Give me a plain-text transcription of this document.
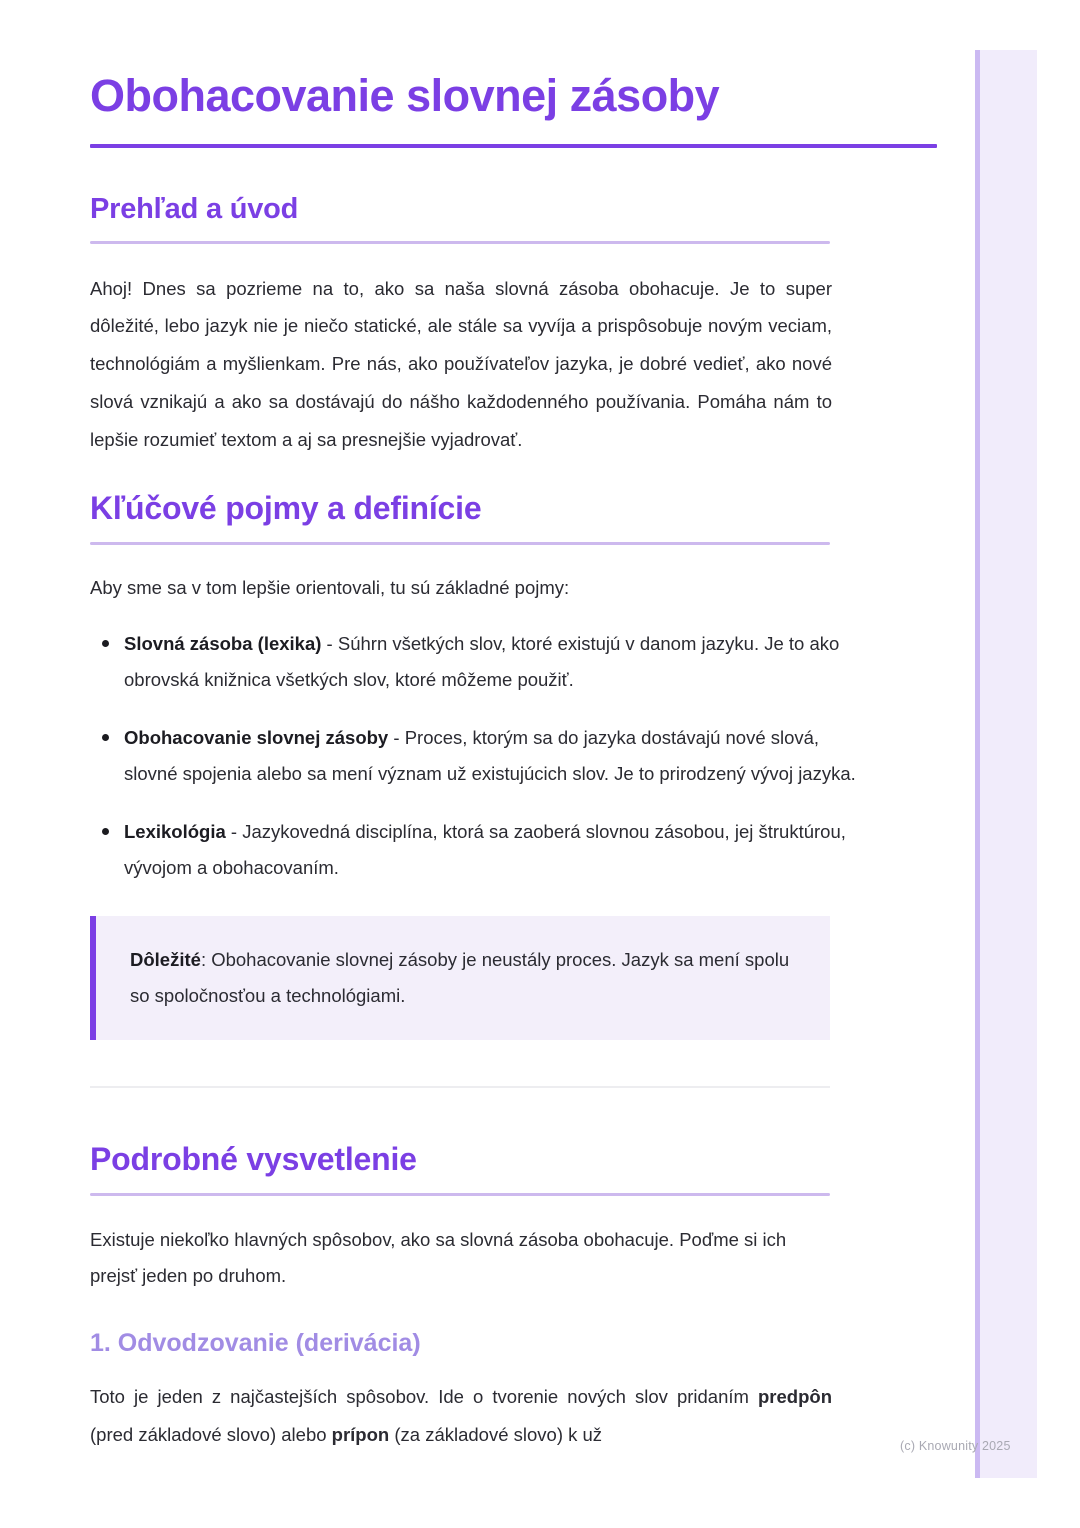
Obohacovanie slovnej zásoby
Prehľad a úvod

Ahoj! Dnes sa pozrieme na to, ako sa naša slovná zásoba obohacuje. Je to super dôležité, lebo jazyk nie je niečo statické, ale stále sa vyvíja a prispôsobuje novým veciam, technológiám a myšlienkam. Pre nás, ako používateľov jazyka, je dobré vedieť, ako nové slová vznikajú a ako sa dostávajú do nášho každodenného používania. Pomáha nám to lepšie rozumieť textom a aj sa presnejšie vyjadrovať.

Kľúčové pojmy a definície

Aby sme sa v tom lepšie orientovali, tu sú základné pojmy:

Slovná zásoba (lexika) - Súhrn všetkých slov, ktoré existujú v danom jazyku. Je to ako obrovská knižnica všetkých slov, ktoré môžeme použiť.
Obohacovanie slovnej zásoby - Proces, ktorým sa do jazyka dostávajú nové slová, slovné spojenia alebo sa mení význam už existujúcich slov. Je to prirodzený vývoj jazyka.
Lexikológia - Jazykovedná disciplína, ktorá sa zaoberá slovnou zásobou, jej štruktúrou, vývojom a obohacovaním.

Dôležité: Obohacovanie slovnej zásoby je neustály proces. Jazyk sa mení spolu so spoločnosťou a technológiami.

Podrobné vysvetlenie

Existuje niekoľko hlavných spôsobov, ako sa slovná zásoba obohacuje. Poďme si ich prejsť jeden po druhom.

1. Odvodzovanie (derivácia)

Toto je jeden z najčastejších spôsobov. Ide o tvorenie nových slov pridaním predpôn (pred základové slovo) alebo prípon (za základové slovo) k už

(c) Knowunity 2025
